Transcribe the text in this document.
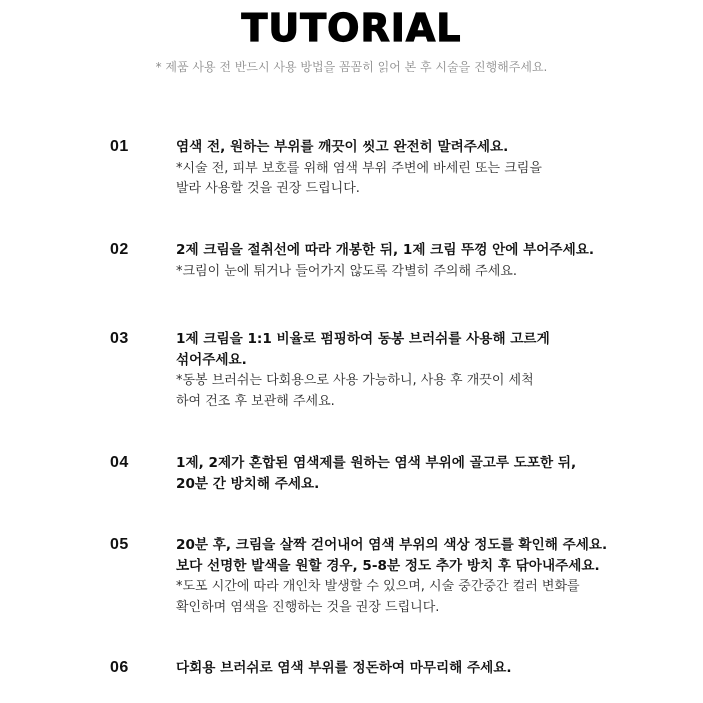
TUTORIAL
* 제품 사용 전 반드시 사용 방법을 꼼꼼히 읽어 본 후 시술을 진행해주세요.
01	염색 전, 원하는 부위를 깨끗이 씻고 완전히 말려주세요.

*시술 전, 피부 보호를 위해 염색 부위 주변에 바세린 또는 크림을
발라 사용할 것을 권장 드립니다.

02	2제 크림을 절취선에 따라 개봉한 뒤, 1제 크림 뚜껑 안에 부어주세요.

*크림이 눈에 튀거나 들어가지 않도록 각별히 주의해 주세요.

03	1제 크림을 1:1 비율로 펌핑하여 동봉 브러쉬를 사용해 고르게
섞어주세요.

*동봉 브러쉬는 다회용으로 사용 가능하니, 사용 후 개끗이 세척
하여 건조 후 보관해 주세요.

04	1제, 2제가 혼합된 염색제를 원하는 염색 부위에 골고루 도포한 뒤,
20분 간 방치해 주세요.

05	20분 후, 크림을 살짝 걷어내어 염색 부위의 색상 정도를 확인해 주세요.
보다 선명한 발색을 원할 경우, 5-8분 정도 추가 방치 후 닦아내주세요.

*도포 시간에 따라 개인차 발생할 수 있으며, 시술 중간중간 컬러 변화를
확인하며 염색을 진행하는 것을 권장 드립니다.

06	다회용 브러쉬로 염색 부위를 정돈하여 마무리해 주세요.
